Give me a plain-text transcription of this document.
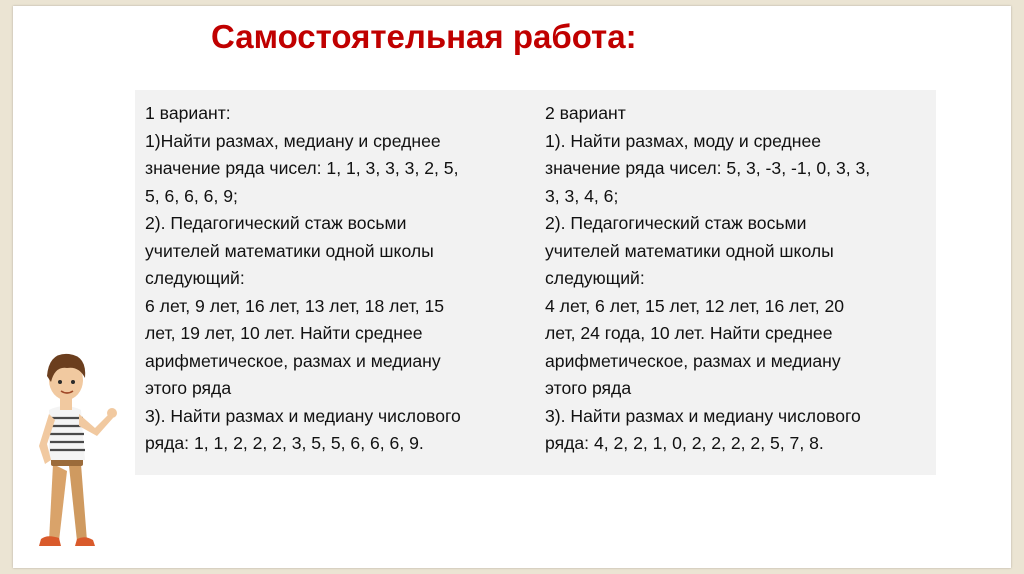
Самостоятельная работа:
1 вариант:
1)Найти размах, медиану и среднее
значение ряда чисел: 1, 1, 3, 3, 3, 2, 5,
5, 6, 6, 6, 9;
2). Педагогический стаж восьми
учителей математики одной школы
следующий:
6 лет, 9 лет, 16 лет, 13 лет, 18 лет, 15
лет, 19 лет, 10 лет. Найти среднее
арифметическое, размах и медиану
этого ряда
3). Найти размах и медиану числового
ряда: 1, 1, 2, 2, 2, 3, 5, 5, 6, 6, 6, 9.
2 вариант
1). Найти размах, моду и среднее
значение ряда чисел: 5, 3, -3, -1, 0, 3, 3,
3, 3, 4, 6;
2). Педагогический стаж восьми
учителей математики одной школы
следующий:
4 лет, 6 лет, 15 лет, 12 лет, 16 лет, 20
лет, 24 года, 10 лет. Найти среднее
арифметическое, размах и медиану
этого ряда
3). Найти размах и медиану числового
ряда: 4, 2, 2, 1, 0, 2, 2, 2, 2, 5, 7, 8.
